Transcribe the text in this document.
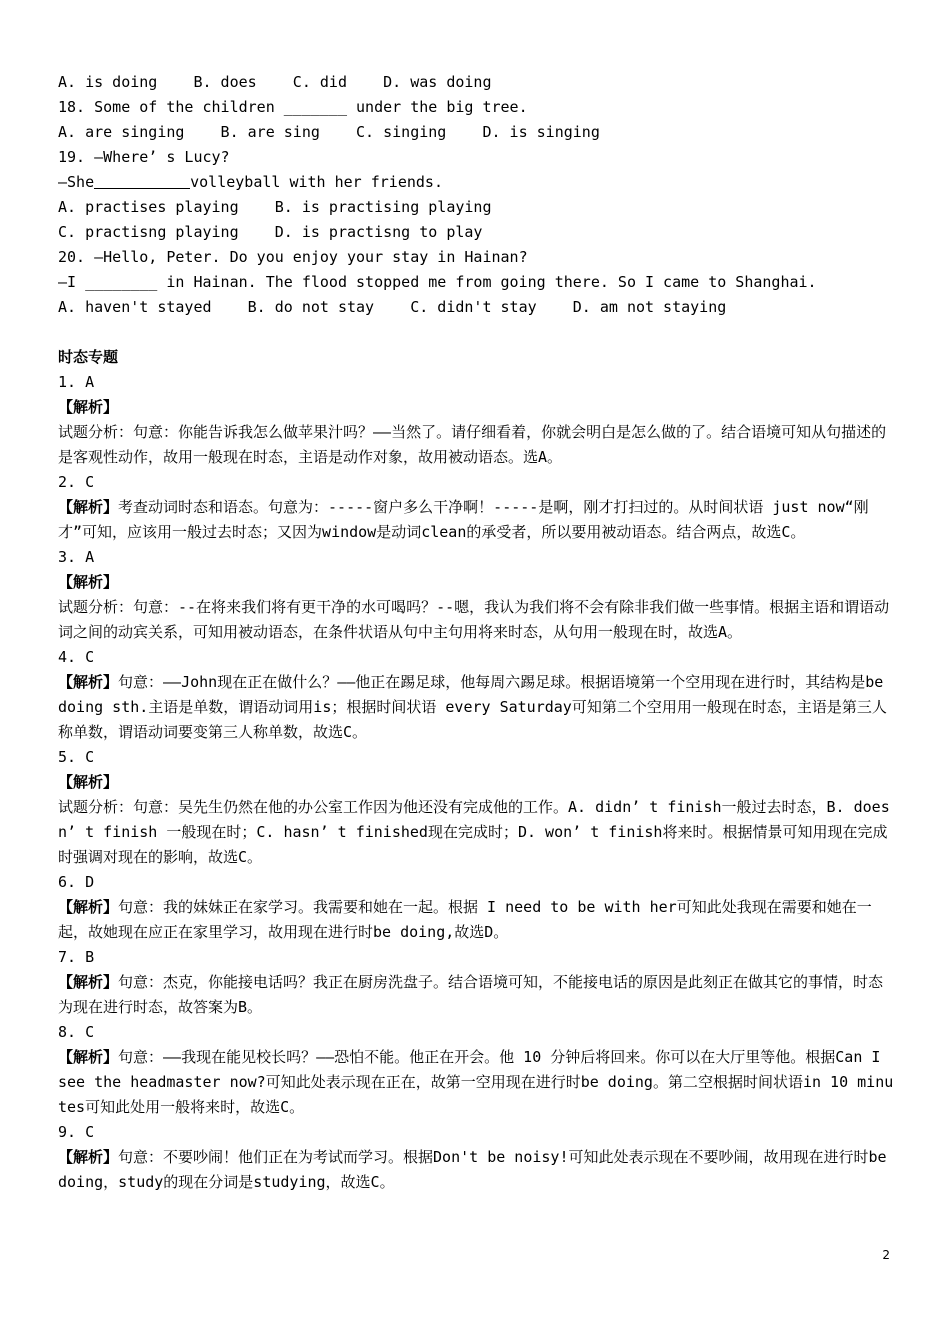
A. is doing    B. does    C. did    D. was doing
18. Some of the children _______ under the big tree.
A. are singing    B. are sing    C. singing    D. is singing
19. —Where’ s Lucy?
—She	volleyball with her friends.
A. practises playing    B. is practising playing
C. practisng playing    D. is practisng to play
20. —Hello, Peter. Do you enjoy your stay in Hainan?
—I ________ in Hainan. The flood stopped me from going there. So I came to Shanghai.
A. haven't stayed    B. do not stay    C. didn't stay    D. am not staying
时态专题
1. A
【解析】
试题分析：句意：你能告诉我怎么做苹果汁吗？——当然了。请仔细看着，你就会明白是怎么做的了。结合语境可知从句描述的是客观性动作，故用一般现在时态，主语是动作对象，故用被动语态。选A。
2. C
【解析】考查动词时态和语态。句意为：-----窗户多么干净啊！-----是啊，刚才打扫过的。从时间状语 just now“刚才”可知，应该用一般过去时态；又因为window是动词clean的承受者，所以要用被动语态。结合两点，故选C。
3. A
【解析】
试题分析：句意：--在将来我们将有更干净的水可喝吗？--嗯，我认为我们将不会有除非我们做一些事情。根据主语和谓语动词之间的动宾关系，可知用被动语态，在条件状语从句中主句用将来时态，从句用一般现在时，故选A。
4. C
【解析】句意：——John现在正在做什么？——他正在踢足球，他每周六踢足球。根据语境第一个空用现在进行时，其结构是be doing sth.主语是单数，谓语动词用is；根据时间状语 every Saturday可知第二个空用用一般现在时态，主语是第三人称单数，谓语动词要变第三人称单数，故选C。
5. C
【解析】
试题分析：句意：吴先生仍然在他的办公室工作因为他还没有完成他的工作。A. didn’ t finish一般过去时态，B. doesn’ t finish 一般现在时；C. hasn’ t finished现在完成时；D. won’ t finish将来时。根据情景可知用现在完成时强调对现在的影响，故选C。
6. D
【解析】句意：我的妹妹正在家学习。我需要和她在一起。根据 I need to be with her可知此处我现在需要和她在一起，故她现在应正在家里学习，故用现在进行时be doing,故选D。
7. B
【解析】句意：杰克，你能接电话吗？我正在厨房洗盘子。结合语境可知，不能接电话的原因是此刻正在做其它的事情，时态为现在进行时态，故答案为B。
8. C
【解析】句意：——我现在能见校长吗？——恐怕不能。他正在开会。他 10 分钟后将回来。你可以在大厅里等他。根据Can I see the headmaster now?可知此处表示现在正在，故第一空用现在进行时be doing。第二空根据时间状语in 10 minutes可知此处用一般将来时，故选C。
9. C
【解析】句意：不要吵闹！他们正在为考试而学习。根据Don't be noisy!可知此处表示现在不要吵闹，故用现在进行时be doing，study的现在分词是studying，故选C。
2
